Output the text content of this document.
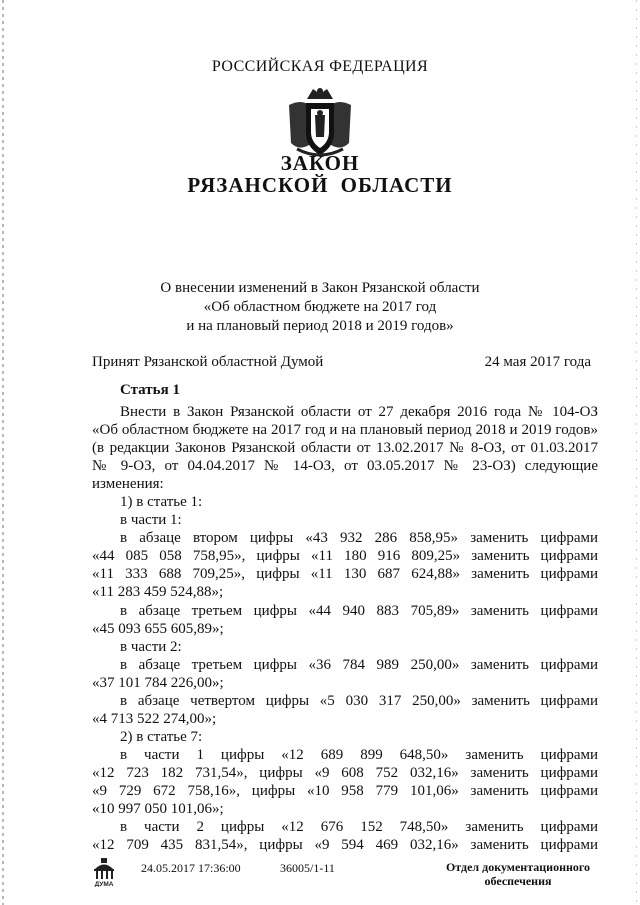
РОССИЙСКАЯ ФЕДЕРАЦИЯ
ЗАКОН
РЯЗАНСКОЙ ОБЛАСТИ
О внесении изменений в Закон Рязанской области
«Об областном бюджете на 2017 год
и на плановый период 2018 и 2019 годов»
Принят Рязанской областной Думой	24 мая 2017 года
Статья 1
Внести в Закон Рязанской области от 27 декабря 2016 года № 104-ОЗ
«Об областном бюджете на 2017 год и на плановый период 2018 и 2019 годов»
(в редакции Законов Рязанской области от 13.02.2017 № 8-ОЗ, от 01.03.2017
№ 9-ОЗ, от 04.04.2017 № 14-ОЗ, от 03.05.2017 № 23-ОЗ) следующие
изменения:
1) в статье 1:
в части 1:
в абзаце втором цифры «43 932 286 858,95» заменить цифрами
«44 085 058 758,95», цифры «11 180 916 809,25» заменить цифрами
«11 333 688 709,25», цифры «11 130 687 624,88» заменить цифрами
«11 283 459 524,88»;
в абзаце третьем цифры «44 940 883 705,89» заменить цифрами
«45 093 655 605,89»;
в части 2:
в абзаце третьем цифры «36 784 989 250,00» заменить цифрами
«37 101 784 226,00»;
в абзаце четвертом цифры «5 030 317 250,00» заменить цифрами
«4 713 522 274,00»;
2) в статье 7:
в части 1 цифры «12 689 899 648,50» заменить цифрами
«12 723 182 731,54», цифры «9 608 752 032,16» заменить цифрами
«9 729 672 758,16», цифры «10 958 779 101,06» заменить цифрами
«10 997 050 101,06»;
в части 2 цифры «12 676 152 748,50» заменить цифрами
«12 709 435 831,54», цифры «9 594 469 032,16» заменить цифрами
ДУМА
24.05.2017 17:36:00	36005/1-11	Отдел документационного
обеспечения
